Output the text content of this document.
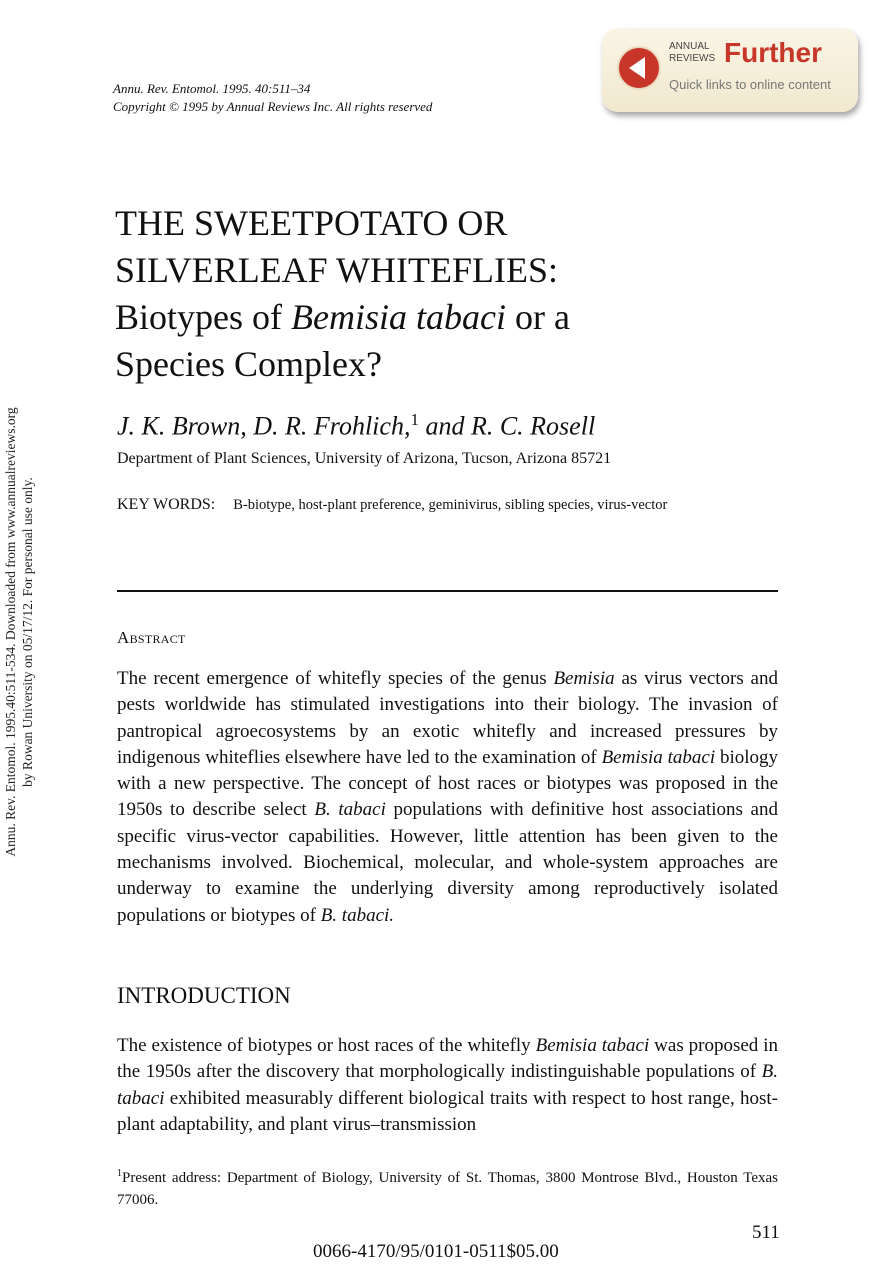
Annu. Rev. Entomol. 1995. 40:511–34
Copyright © 1995 by Annual Reviews Inc. All rights reserved
ANNUAL
REVIEWS Further
Quick links to online content
Annu. Rev. Entomol. 1995.40:511-534. Downloaded from www.annualreviews.org by Rowan University on 05/17/12. For personal use only.
THE SWEETPOTATO OR
SILVERLEAF WHITEFLIES:
Biotypes of Bemisia tabaci or a
Species Complex?
J. K. Brown, D. R. Frohlich,$^1$ and R. C. Rosell
Department of Plant Sciences, University of Arizona, Tucson, Arizona 85721
KEY WORDS: B-biotype, host-plant preference, geminivirus, sibling species, virus-vector
Abstract
The recent emergence of whitefly species of the genus Bemisia as virus vectors and pests worldwide has stimulated investigations into their biology. The invasion of pantropical agroecosystems by an exotic whitefly and increased pressures by indigenous whiteflies elsewhere have led to the examination of Bemisia tabaci biology with a new perspective. The concept of host races or biotypes was proposed in the 1950s to describe select B. tabaci populations with definitive host associations and specific virus-vector capabilities. However, little attention has been given to the mechanisms involved. Biochemical, molecular, and whole-system approaches are underway to examine the underlying diversity among reproductively isolated populations or biotypes of B. tabaci.
INTRODUCTION
The existence of biotypes or host races of the whitefly Bemisia tabaci was proposed in the 1950s after the discovery that morphologically indistinguishable populations of B. tabaci exhibited measurably different biological traits with respect to host range, host-plant adaptability, and plant virus–transmission
$^1$Present address: Department of Biology, University of St. Thomas, 3800 Montrose Blvd., Houston Texas 77006.
511
0066-4170/95/0101-0511$05.00
